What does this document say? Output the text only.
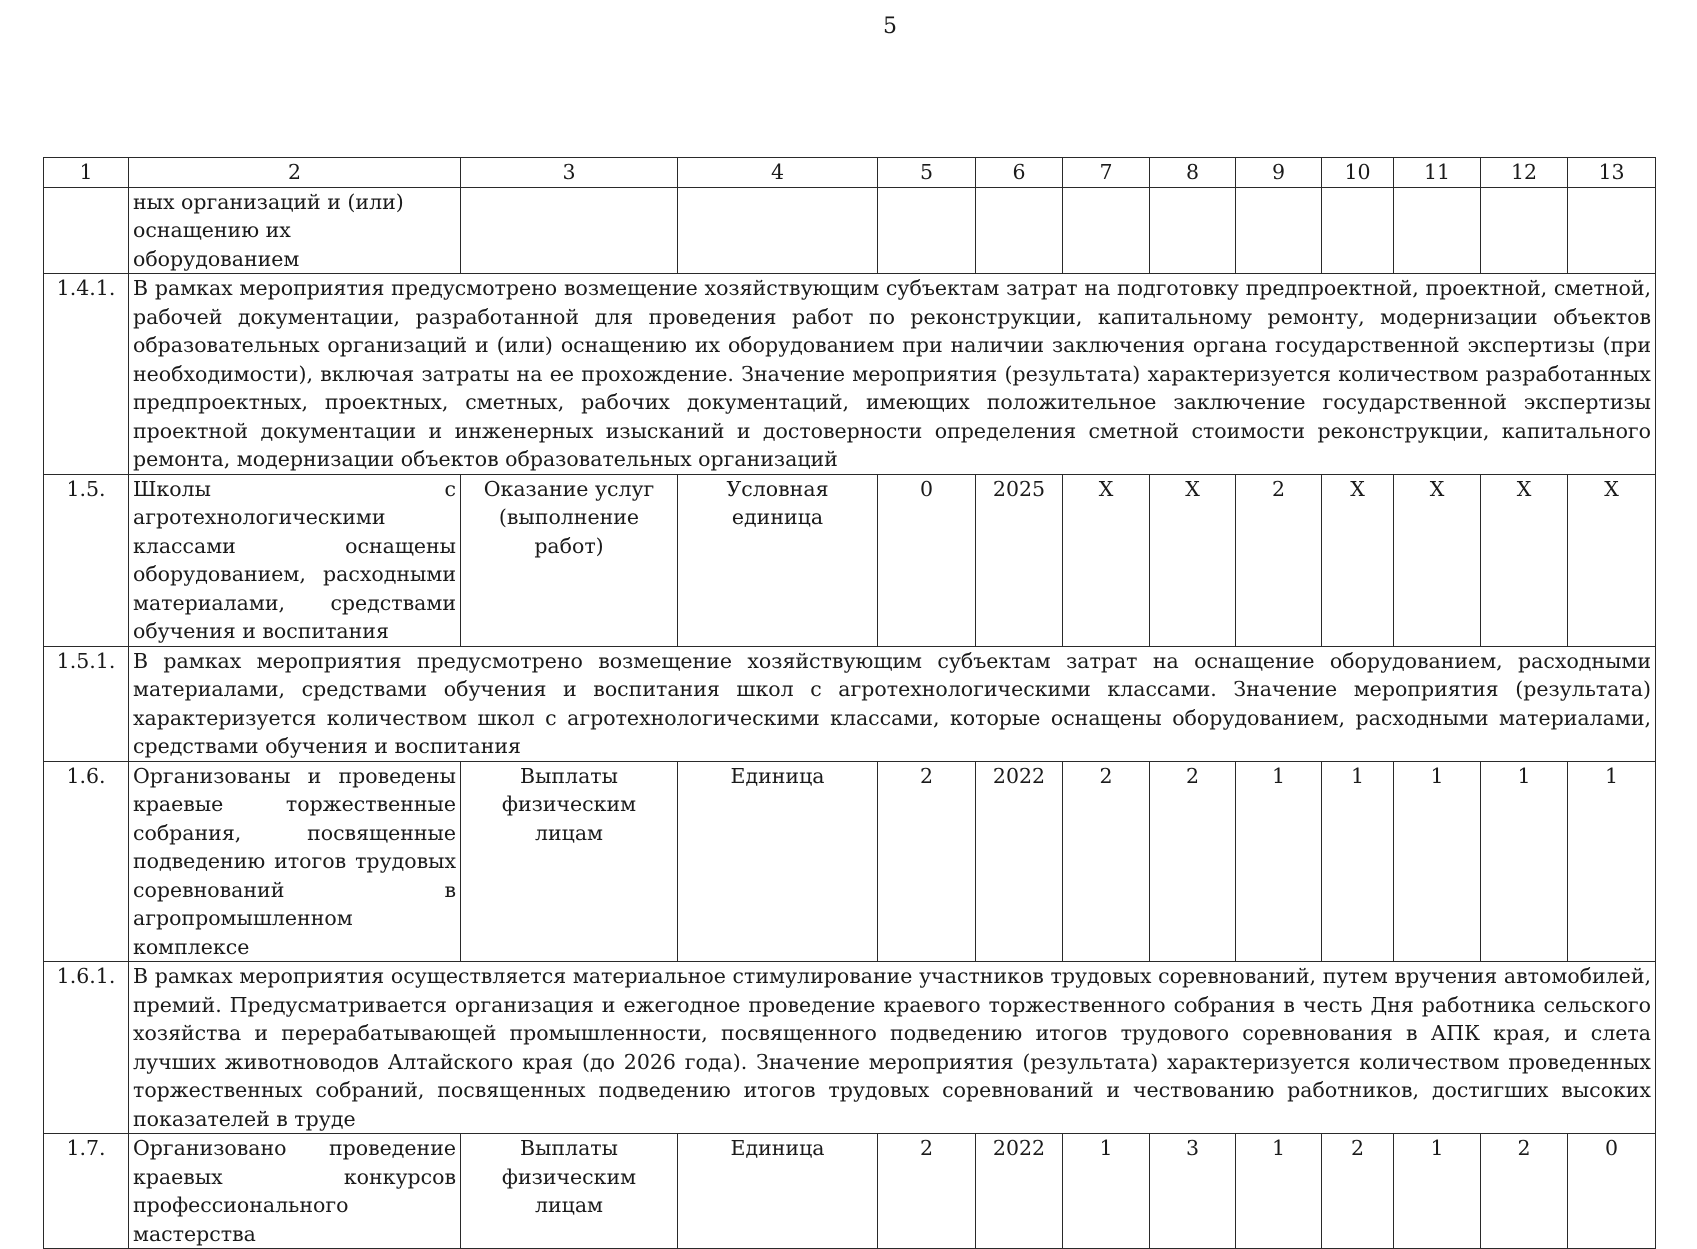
5
1	2	3	4	5	6	7	8	9	10	11	12	13
	ных организаций и (или) оснащению их оборудованием											
1.4.1.	В рамках мероприятия предусмотрено возмещение хозяйствующим субъектам затрат на подготовку предпроектной, проектной, сметной, рабочей документации, разработанной для проведения работ по реконструкции, капитальному ремонту, модернизации объектов образовательных организаций и (или) оснащению их оборудованием при наличии заключения органа государственной экспертизы (при необходимости), включая затраты на ее прохождение. Значение мероприятия (результата) характеризуется количеством разработанных предпроектных, проектных, сметных, рабочих документаций, имеющих положительное заключение государственной экспертизы проектной документации и инженерных изысканий и достоверности определения сметной стоимости реконструкции, капитального ремонта, модернизации объектов образовательных организаций											
1.5.	Школы с агротехнологическими классами оснащены оборудованием, расходными материалами, средствами обучения и воспитания	Оказание услуг (выполнение работ)	Условная единица	0	2025	X	X	2	X	X	X	X
1.5.1.	В рамках мероприятия предусмотрено возмещение хозяйствующим субъектам затрат на оснащение оборудованием, расходными материалами, средствами обучения и воспитания школ с агротехнологическими классами. Значение мероприятия (результата) характеризуется количеством школ с агротехнологическими классами, которые оснащены оборудованием, расходными материалами, средствами обучения и воспитания											
1.6.	Организованы и проведены краевые торжественные собрания, посвященные подведению итогов трудовых соревнований в агропромышленном комплексе	Выплаты физическим лицам	Единица	2	2022	2	2	1	1	1	1	1
1.6.1.	В рамках мероприятия осуществляется материальное стимулирование участников трудовых соревнований, путем вручения автомобилей, премий. Предусматривается организация и ежегодное проведение краевого торжественного собрания в честь Дня работника сельского хозяйства и перерабатывающей промышленности, посвященного подведению итогов трудового соревнования в АПК края, и слета лучших животноводов Алтайского края (до 2026 года). Значение мероприятия (результата) характеризуется количеством проведенных торжественных собраний, посвященных подведению итогов трудовых соревнований и чествованию работников, достигших высоких показателей в труде											
1.7.	Организовано проведение краевых конкурсов профессионального мастерства	Выплаты физическим лицам	Единица	2	2022	1	3	1	2	1	2	0
